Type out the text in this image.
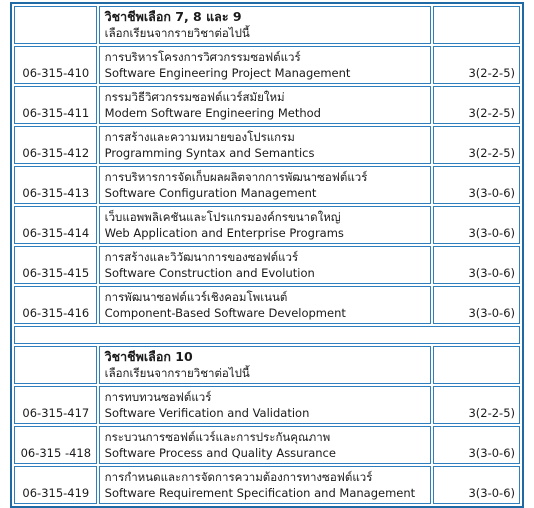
	วิชาชีพเลือก 7, 8 และ 9
เลือกเรียนจากรายวิชาต่อไปนี้	

06-315-410	การบริหารโครงการวิศวกรรมซอฟต์แวร์
Software Engineering Project Management	3(2-2-5)
06-315-411	กรรมวิธีวิศวกรรมซอฟต์แวร์สมัยใหม่
Modem Software Engineering Method	3(2-2-5)
06-315-412	การสร้างและความหมายของโปรแกรม
Programming Syntax and Semantics	3(2-2-5)
06-315-413	การบริหารการจัดเก็บผลผลิตจากการพัฒนาซอฟต์แวร์
Software Configuration Management	3(3-0-6)
06-315-414	เว็บแอพพลิเคชันและโปรแกรมองค์กรขนาดใหญ่
Web Application and Enterprise Programs	3(3-0-6)
06-315-415	การสร้างและวิวัฒนาการของซอฟต์แวร์
Software Construction and Evolution	3(3-0-6)
06-315-416	การพัฒนาซอฟต์แวร์เชิงคอมโพเนนต์
Component-Based Software Development	3(3-0-6)

	วิชาชีพเลือก 10
เลือกเรียนจากรายวิชาต่อไปนี้	

06-315-417	การทบทวนซอฟต์แวร์
Software Verification and Validation	3(2-2-5)
06-315 -418	กระบวนการซอฟต์แวร์และการประกันคุณภาพ
Software Process and Quality Assurance	3(3-0-6)
06-315-419	การกำหนดและการจัดการความต้องการทางซอฟต์แวร์
Software Requirement Specification and Management	3(3-0-6)
